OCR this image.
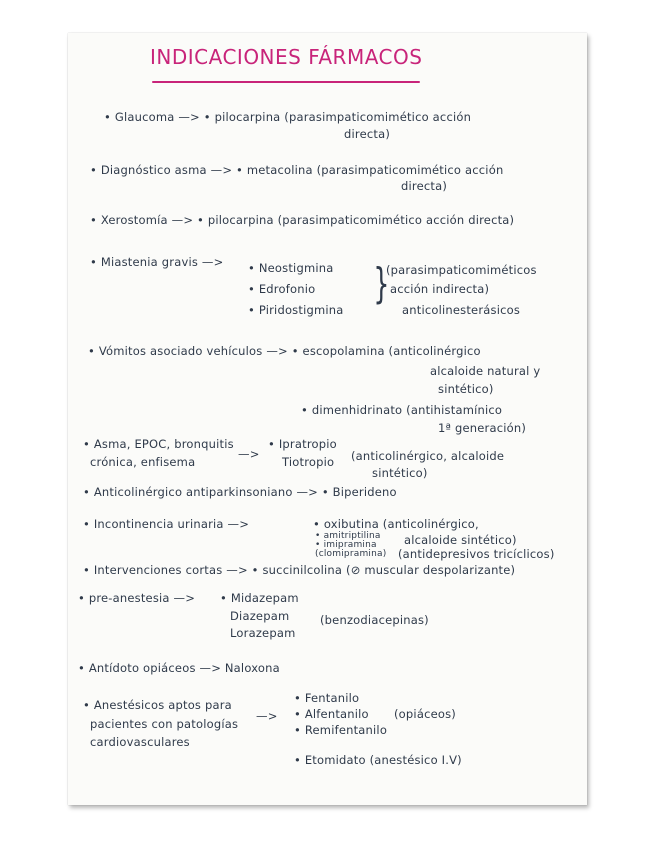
INDICACIONES FÁRMACOS
• Glaucoma —> • pilocarpina (parasimpaticomimético acción
directa)
• Diagnóstico asma —> • metacolina (parasimpaticomimético acción
directa)
• Xerostomía —> • pilocarpina (parasimpaticomimético acción directa)
• Miastenia gravis —> • Neostigmina
• Edrofonio
• Piridostigmina
}
(parasimpaticomiméticos
acción indirecta)
anticolinesterásicos
• Vómitos asociado vehículos —> • escopolamina (anticolinérgico
alcaloide natural y
sintético)
• dimenhidrinato (antihistamínico
1ª generación)
• Asma, EPOC, bronquitis
crónica, enfisema
—>
• Ipratropio
Tiotropio (anticolinérgico, alcaloide
sintético)
• Anticolinérgico antiparkinsoniano —> • Biperideno
• Incontinencia urinaria —>	• oxibutina (anticolinérgico,
• amitriptilina
• imipramina
(clomipramina)
alcaloide sintético)
(antidepresivos tricíclicos)
• Intervenciones cortas —> • succinilcolina (⊘ muscular despolarizante)
• pre-anestesia —> • Midazepam
Diazepam
Lorazepam
(benzodiacepinas)
• Antídoto opiáceos —> Naloxona
• Anestésicos aptos para
pacientes con patologías
cardiovasculares
—>
• Fentanilo
• Alfentanilo
• Remifentanilo
(opiáceos)
• Etomidato (anestésico I.V)
